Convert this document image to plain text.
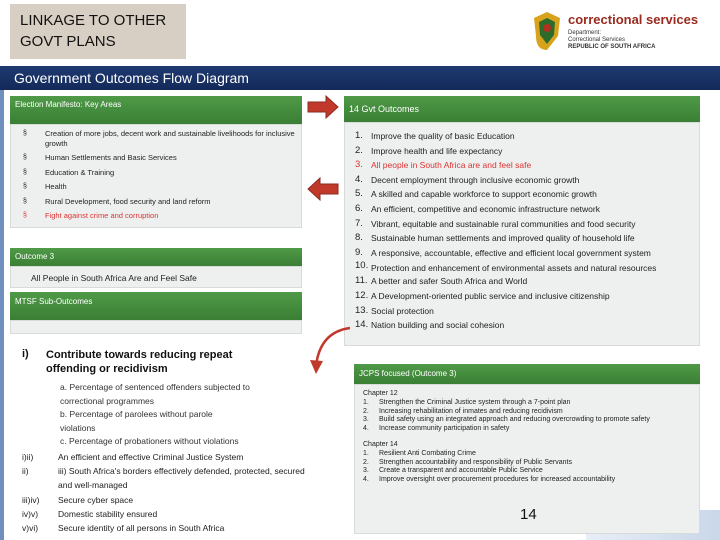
LINKAGE TO OTHER
GOVT PLANS
correctional services
Department:
Correctional Services
REPUBLIC OF SOUTH AFRICA
Government Outcomes Flow Diagram
Election Manifesto: Key Areas
§ Creation of more jobs, decent work and sustainable livelihoods for inclusive growth
§ Human Settlements and Basic Services
§ Education & Training
§ Health
§ Rural Development, food security and land reform
§ Fight against crime and corruption
Outcome 3
All People in South Africa Are and Feel Safe
MTSF Sub-Outcomes
i) Contribute towards reducing repeat offending or recidivism
a. Percentage of sentenced offenders subjected to
correctional programmes
b. Percentage of parolees without parole
violations
c. Percentage of probationers without violations
i)ii)	An efficient and effective Criminal Justice System
ii)	iii) South Africa's borders effectively defended, protected, secured and well-managed
iii)iv) Secure cyber space
iv)v) Domestic stability ensured
v)vi) Secure identity of all persons in South Africa
14 Gvt Outcomes
1. Improve the quality of basic Education
2. Improve health and life expectancy
3. All people in South Africa are and feel safe
4. Decent employment through inclusive economic growth
5. A skilled and capable workforce to support economic growth
6. An efficient, competitive and economic infrastructure network
7. Vibrant, equitable and sustainable rural communities and food security
8. Sustainable human settlements and improved quality of household life
9. A responsive, accountable, effective and efficient local government system
10. Protection and enhancement of environmental assets and natural resources
11. A better and safer South Africa and World
12. A Development-oriented public service and inclusive citizenship
13. Social protection
14. Nation building and social cohesion
JCPS focused (Outcome 3)
Chapter 12
1. Strengthen the Criminal Justice system through a 7-point plan
2. Increasing rehabilitation of inmates and reducing recidivism
3. Build safety using an integrated approach and reducing overcrowding to promote safety
4. Increase community participation in safety
Chapter 14
1. Resilient Anti Combating Crime
2. Strengthen accountability and responsibility of Public Servants
3. Create a transparent and accountable Public Service
4. Improve oversight over procurement procedures for increased accountability
14
